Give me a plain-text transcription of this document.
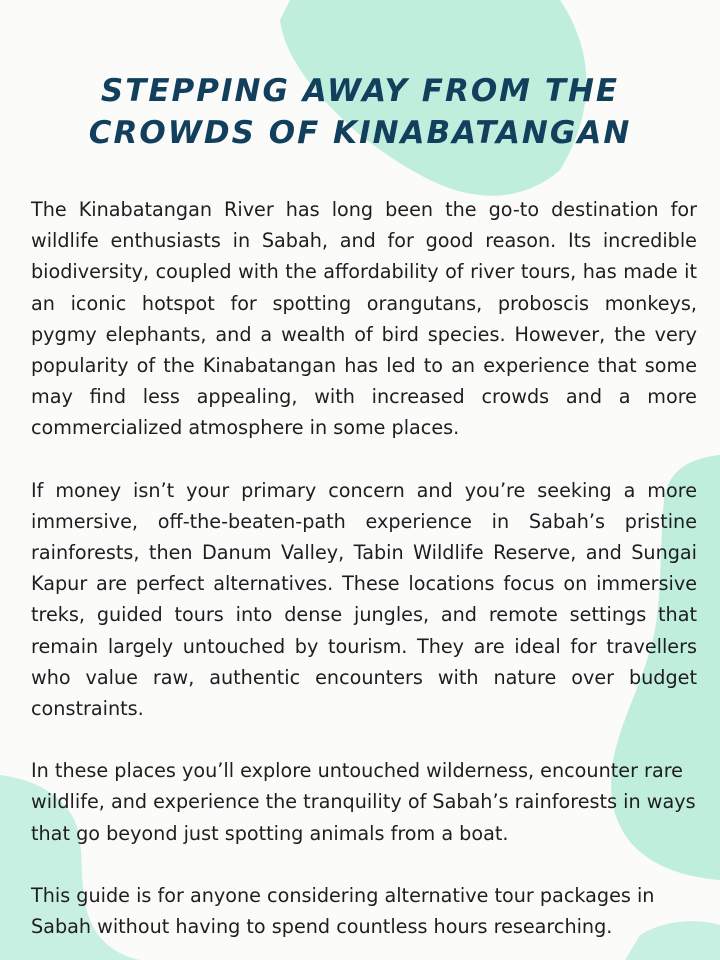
STEPPING AWAY FROM THE CROWDS OF KINABATANGAN

The Kinabatangan River has long been the go-to destination for wildlife enthusiasts in Sabah, and for good reason. Its incredible biodiversity, coupled with the affordability of river tours, has made it an iconic hotspot for spotting orangutans, proboscis monkeys, pygmy elephants, and a wealth of bird species. However, the very popularity of the Kinabatangan has led to an experience that some may find less appealing, with increased crowds and a more commercialized atmosphere in some places.

If money isn’t your primary concern and you’re seeking a more immersive, off-the-beaten-path experience in Sabah’s pristine rainforests, then Danum Valley, Tabin Wildlife Reserve, and Sungai Kapur are perfect alternatives. These locations focus on immersive treks, guided tours into dense jungles, and remote settings that remain largely untouched by tourism. They are ideal for travellers who value raw, authentic encounters with nature over budget constraints.

In these places you’ll explore untouched wilderness, encounter rare wildlife, and experience the tranquility of Sabah’s rainforests in ways that go beyond just spotting animals from a boat.

This guide is for anyone considering alternative tour packages in Sabah without having to spend countless hours researching.
